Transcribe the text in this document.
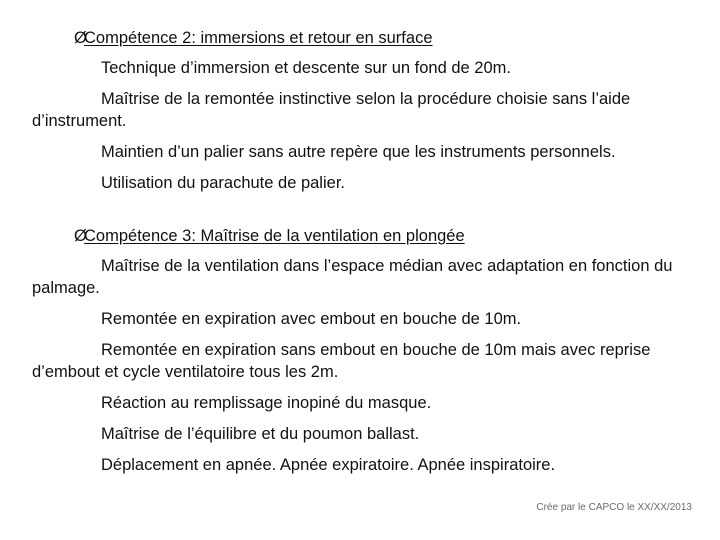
ØCompétence 2: immersions et retour en surface
Technique d’immersion et descente sur un fond de 20m.
Maîtrise de la remontée instinctive selon la procédure choisie sans l’aide d’instrument.
Maintien d’un palier sans autre repère que les instruments personnels.
Utilisation du parachute de palier.
ØCompétence 3: Maîtrise de la ventilation en plongée
Maîtrise de la ventilation dans l’espace médian avec adaptation en fonction du palmage.
Remontée en expiration avec embout en bouche de 10m.
Remontée en expiration sans embout en bouche de 10m mais avec reprise d’embout et cycle ventilatoire tous les 2m.
Réaction au remplissage inopiné du masque.
Maîtrise de l’équilibre et du poumon ballast.
Déplacement en apnée. Apnée expiratoire. Apnée inspiratoire.
Crée par le CAPCO le XX/XX/2013
